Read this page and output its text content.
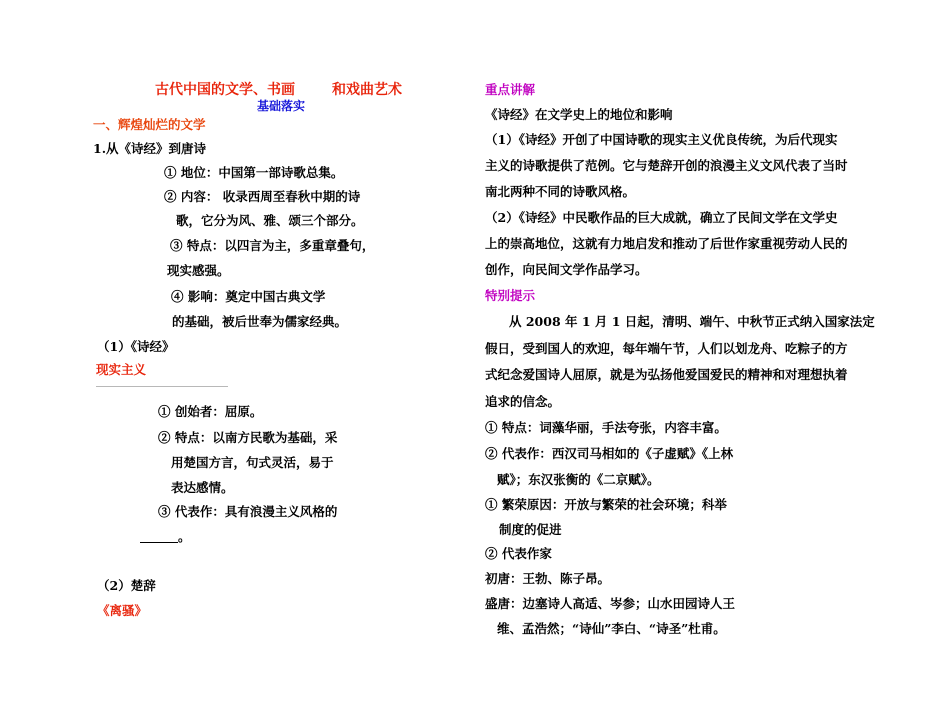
古代中国的文学、书画	和戏曲艺术
基础落实
一、辉煌灿烂的文学
1.从《诗经》到唐诗
① 地位：中国第一部诗歌总集。
② 内容： 收录西周至春秋中期的诗
歌，它分为风、雅、颂三个部分。
③ 特点：以四言为主，多重章叠句，
现实感强。
④ 影响：奠定中国古典文学
的基础，被后世奉为儒家经典。
（1）《诗经》
现实主义
① 创始者：屈原。
② 特点：以南方民歌为基础，采
用楚国方言，句式灵活，易于
表达感情。
③ 代表作：具有浪漫主义风格的
。
（2）楚辞
《离骚》
重点讲解
《诗经》在文学史上的地位和影响
（1）《诗经》开创了中国诗歌的现实主义优良传统，为后代现实
主义的诗歌提供了范例。它与楚辞开创的浪漫主义文风代表了当时
南北两种不同的诗歌风格。
（2）《诗经》中民歌作品的巨大成就，确立了民间文学在文学史
上的崇高地位，这就有力地启发和推动了后世作家重视劳动人民的
创作，向民间文学作品学习。
特别提示
从 2008 年 1 月 1 日起，清明、端午、中秋节正式纳入国家法定
假日，受到国人的欢迎，每年端午节，人们以划龙舟、吃粽子的方
式纪念爱国诗人屈原，就是为弘扬他爱国爱民的精神和对理想执着
追求的信念。
① 特点：词藻华丽，手法夸张，内容丰富。
② 代表作：西汉司马相如的《子虚赋》《上林
赋》；东汉张衡的《二京赋》。
① 繁荣原因：开放与繁荣的社会环境；科举
制度的促进
② 代表作家
初唐：王勃、陈子昂。
盛唐：边塞诗人高适、岑参；山水田园诗人王
维、孟浩然；“诗仙”李白、“诗圣”杜甫。
